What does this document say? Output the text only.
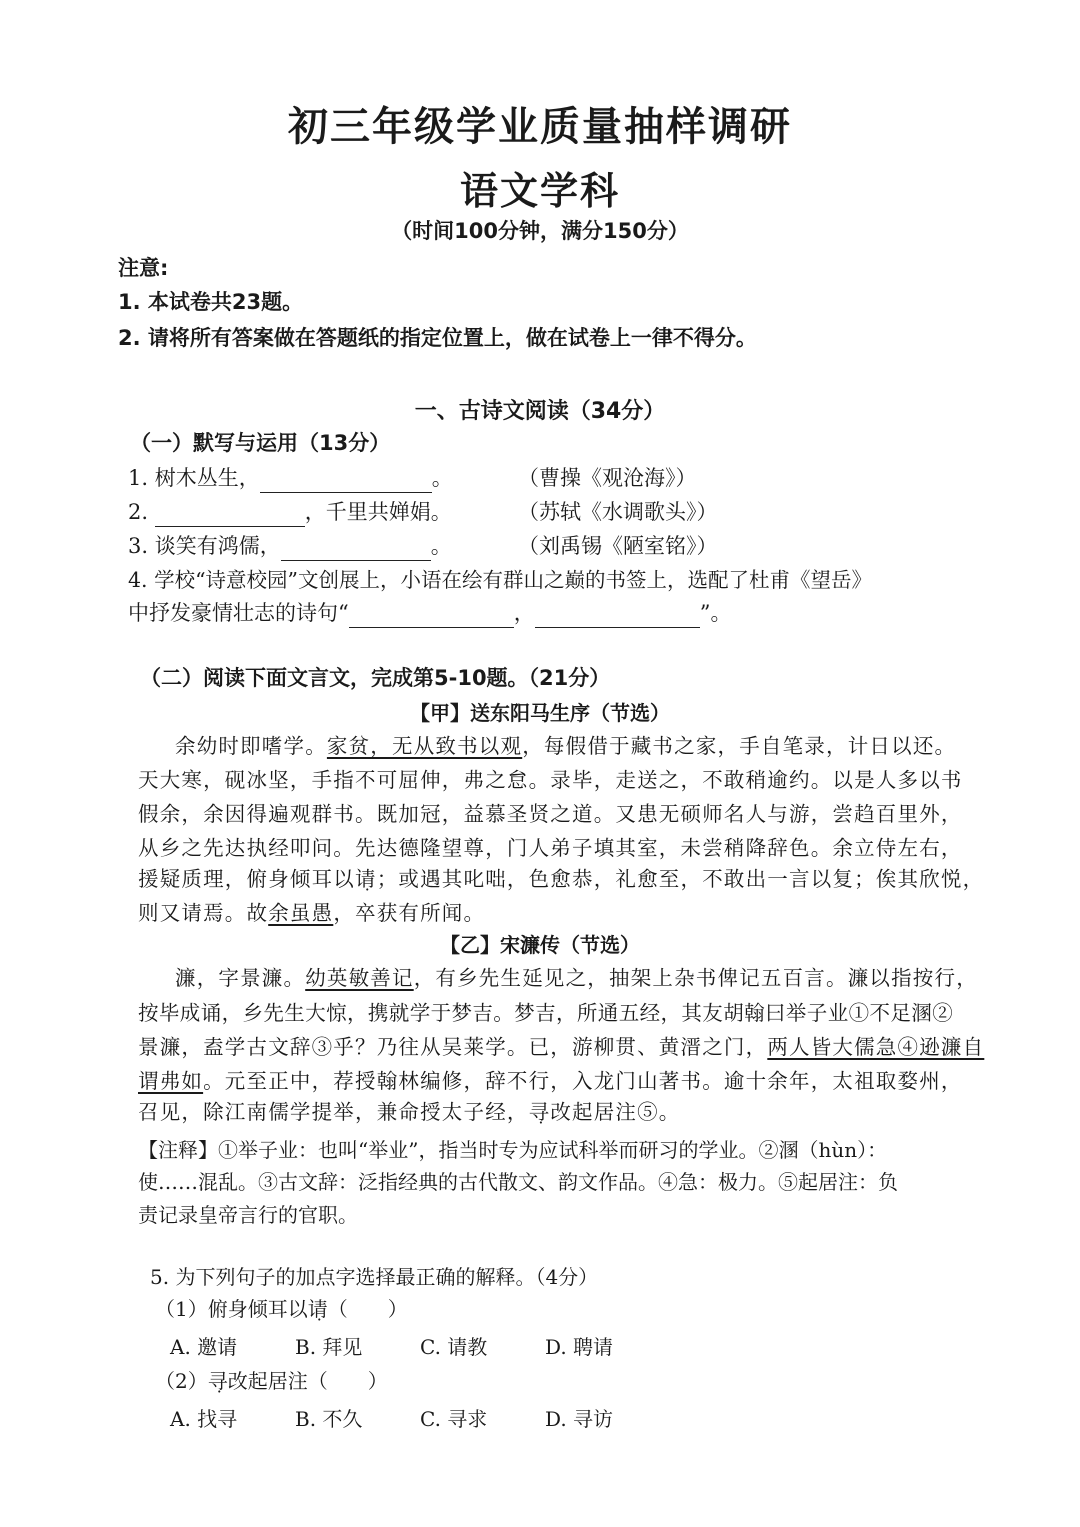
初三年级学业质量抽样调研
语文学科
（时间100分钟，满分150分）
注意:
1. 本试卷共23题。
2. 请将所有答案做在答题纸的指定位置上，做在试卷上一律不得分。
一、古诗文阅读（34分）
（一）默写与运用（13分）
1. 树木丛生，	。	（曹操《观沧海》）
2.	，千里共婵娟。	（苏轼《水调歌头》）
3. 谈笑有鸿儒，	。	（刘禹锡《陋室铭》）
4. 学校“诗意校园”文创展上，小语在绘有群山之巅的书签上，选配了杜甫《望岳》
中抒发豪情壮志的诗句“	，	”。
（二）阅读下面文言文，完成第5-10题。（21分）
【甲】送东阳马生序（节选）
余幼时即嗜学。家贫，无从致书以观，每假借于藏书之家，手自笔录，计日以还。
天大寒，砚冰坚，手指不可屈伸，弗之怠。录毕，走送之，不敢稍逾约。以是人多以书
假余，余因得遍观群书。既加冠，益慕圣贤之道。又患无硕师名人与游，尝趋百里外，
从乡之先达执经叩问。先达德隆望尊，门人弟子填其室，未尝稍降辞色。余立侍左右，
援疑质理，俯身倾耳以请；或遇其叱咄，色愈恭，礼愈至，不敢出一言以复；俟其欣悦，
则又请焉。故余虽愚，卒获有所闻。
【乙】宋濂传（节选）
濂，字景濂。幼英敏善记，有乡先生延见之，抽架上杂书俾记五百言。濂以指按行，
按毕成诵，乡先生大惊，携就学于梦吉。梦吉，所通五经，其友胡翰曰举子业①不足溷②
景濂，盍学古文辞③乎？乃往从吴莱学。已，游柳贯、黄溍之门，两人皆大儒急④逊濂自
谓弗如。元至正中，荐授翰林编修，辞不行，入龙门山著书。逾十余年，太祖取婺州，
召见，除江南儒学提举，兼命授太子经，寻改起居注⑤。
【注释】①举子业：也叫“举业”，指当时专为应试科举而研习的学业。②溷（hùn）：
使……混乱。③古文辞：泛指经典的古代散文、韵文作品。④急：极力。⑤起居注：负
责记录皇帝言行的官职。
5. 为下列句子的加点字选择最正确的解释。（4分）
（1）俯身倾耳以请（　　）
A. 邀请	B. 拜见	C. 请教	D. 聘请
（2）寻改起居注（　　）
A. 找寻	B. 不久	C. 寻求	D. 寻访
